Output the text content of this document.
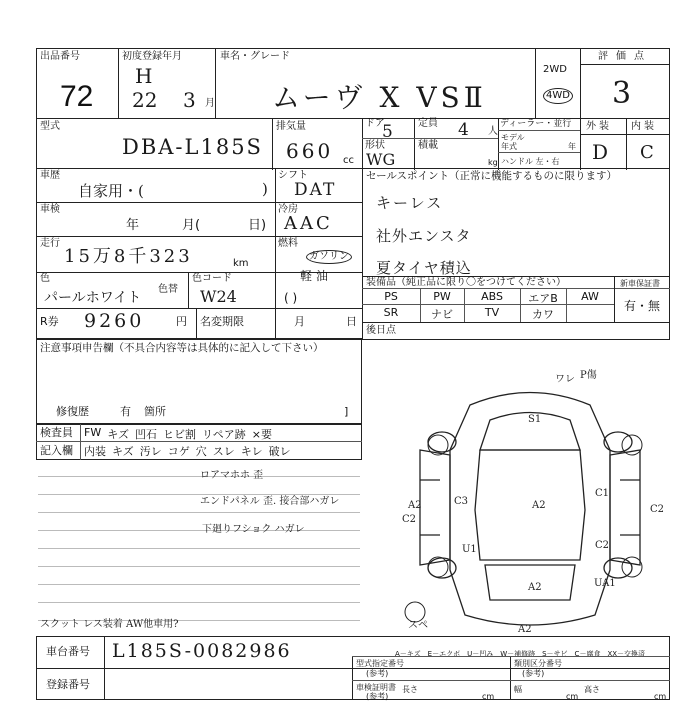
出品番号
72
初度登録年月
H
22 3 月
車名・グレード
ムーヴ X VSⅡ
2WD
4WD
評価点
3
型式
DBA-L185S
排気量
660 cc
ドア
5	定員 4 人
ディーラー・並行
モデル
年式	年
形状
WG
積載
kg ハンドル 左・右
外装 内装
D C
車歴
自家用・(	)
シフト
DAT
車検
年	月(	日)
冷房
AAC
走行
15万8千323	km
燃料
ガソリン
軽油
( )
色
パールホワイト
色替
色コード
W24
R券 9260	円 名変期限	月	日
セールスポイント（正常に機能するものに限ります）
キーレス
社外エンスタ
夏タイヤ積込
装備品（純正品に限り〇をつけてください）	新車保証書
有・無
PS	PW	ABS	エアB	AW
SR	ナビ	TV	カワ
後日点
注意事項申告欄（不具合内容等は具体的に記入して下さい）
修復歴	有 箇所	]
検査員
記入欄
FW キズ 凹石 ヒビ割 リペア跡 ×要
内装 キズ 汚レ コゲ 穴 スレ キレ 破レ
ロアマホホ 歪
エンドパネル 歪. 接合部ハガレ
下廻りフショク ハガレ
スクット レス装着 AW他車用?
ワレ P傷
S1
A2
A2
C2
C3
U1
C1
C2
C2
UA1
A2
A2
スペ
A－キズ　E－エクボ　U－凹み　W－補修跡　S－サビ　C－腐食　XX－交換済
車台番号 L185S-0082986
登録番号
型式指定番号
(参考)
類別区分番号
(参考)
車検証明書
(参考)
長さ
cm
幅
cm
高さ
cm
